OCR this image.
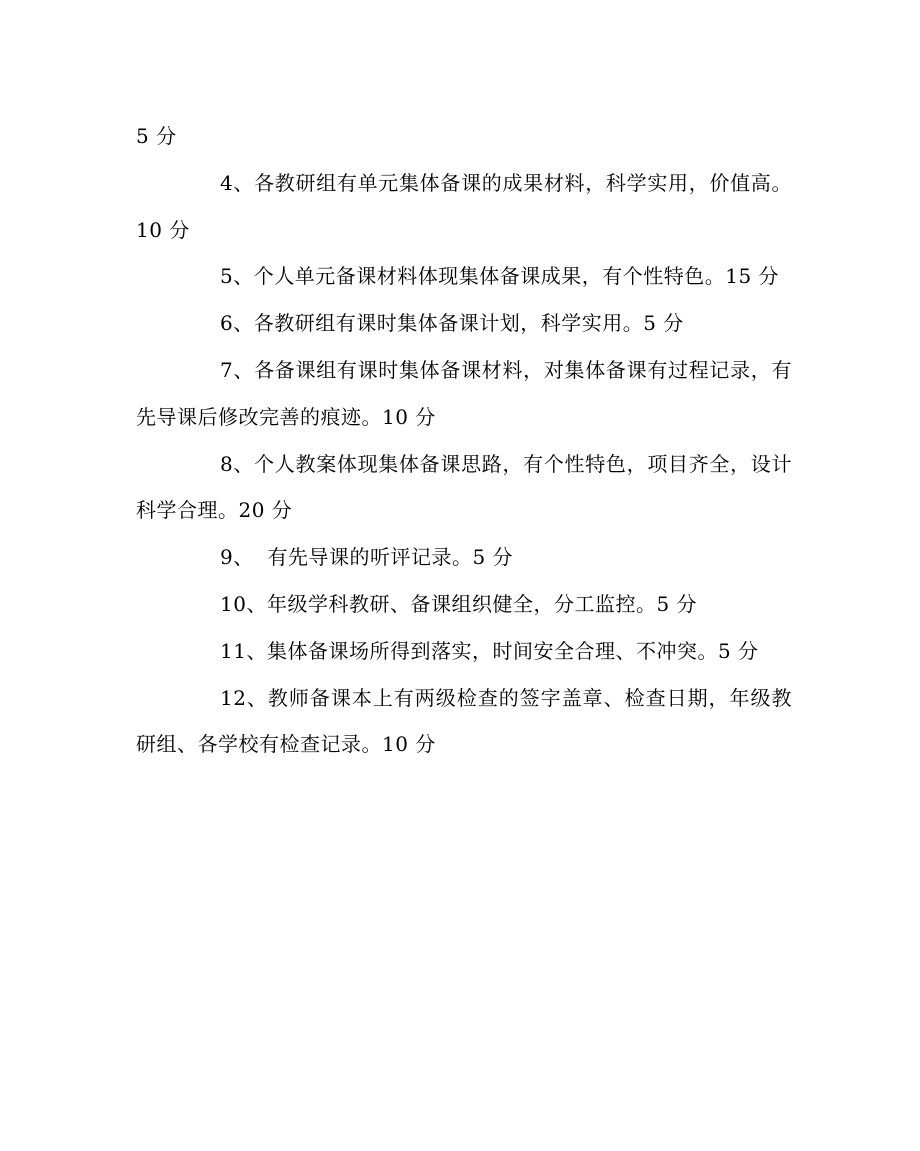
5 分

4、各教研组有单元集体备课的成果材料，科学实用，价值高。10 分

5、个人单元备课材料体现集体备课成果，有个性特色。15 分

6、各教研组有课时集体备课计划，科学实用。5 分

7、各备课组有课时集体备课材料，对集体备课有过程记录，有先导课后修改完善的痕迹。10 分

8、个人教案体现集体备课思路，有个性特色，项目齐全，设计科学合理。20 分

9、  有先导课的听评记录。5 分

10、年级学科教研、备课组织健全，分工监控。5 分

11、集体备课场所得到落实，时间安全合理、不冲突。5 分

12、教师备课本上有两级检查的签字盖章、检查日期，年级教研组、各学校有检查记录。10 分
